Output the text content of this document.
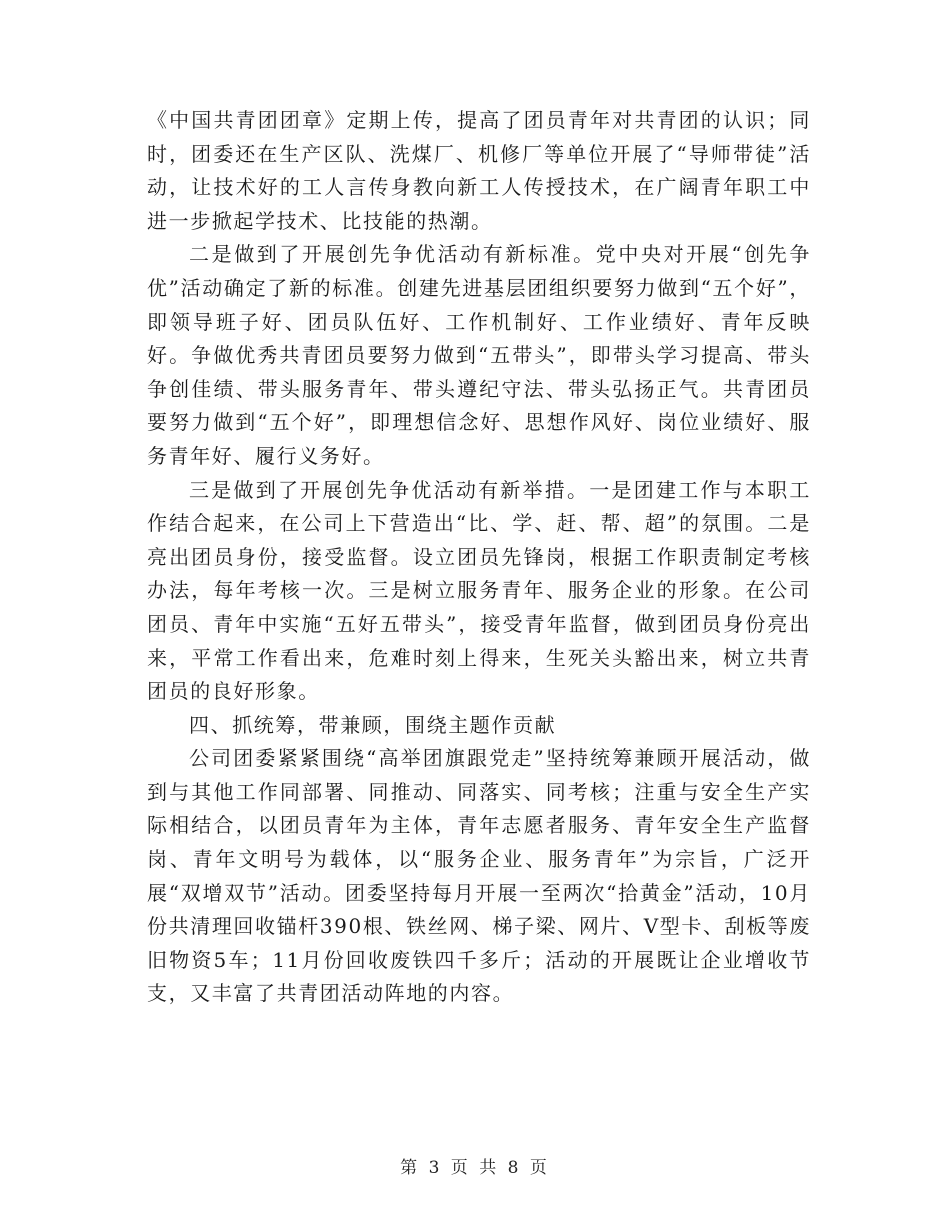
《中国共青团团章》定期上传，提高了团员青年对共青团的认识；同时，团委还在生产区队、洗煤厂、机修厂等单位开展了“导师带徒”活动，让技术好的工人言传身教向新工人传授技术，在广阔青年职工中进一步掀起学技术、比技能的热潮。

二是做到了开展创先争优活动有新标准。党中央对开展“创先争优”活动确定了新的标准。创建先进基层团组织要努力做到“五个好”，即领导班子好、团员队伍好、工作机制好、工作业绩好、青年反映好。争做优秀共青团员要努力做到“五带头”，即带头学习提高、带头争创佳绩、带头服务青年、带头遵纪守法、带头弘扬正气。共青团员要努力做到“五个好”，即理想信念好、思想作风好、岗位业绩好、服务青年好、履行义务好。

三是做到了开展创先争优活动有新举措。一是团建工作与本职工作结合起来，在公司上下营造出“比、学、赶、帮、超”的氛围。二是亮出团员身份，接受监督。设立团员先锋岗，根据工作职责制定考核办法，每年考核一次。三是树立服务青年、服务企业的形象。在公司团员、青年中实施“五好五带头”，接受青年监督，做到团员身份亮出来，平常工作看出来，危难时刻上得来，生死关头豁出来，树立共青团员的良好形象。

四、抓统筹，带兼顾，围绕主题作贡献

公司团委紧紧围绕“高举团旗跟党走”坚持统筹兼顾开展活动，做到与其他工作同部署、同推动、同落实、同考核；注重与安全生产实际相结合，以团员青年为主体，青年志愿者服务、青年安全生产监督岗、青年文明号为载体，以“服务企业、服务青年”为宗旨，广泛开展“双增双节”活动。团委坚持每月开展一至两次“拾黄金”活动，10月份共清理回收锚杆390根、铁丝网、梯子梁、网片、V型卡、刮板等废旧物资5车；11月份回收废铁四千多斤；活动的开展既让企业增收节支，又丰富了共青团活动阵地的内容。

第 3 页 共 8 页
